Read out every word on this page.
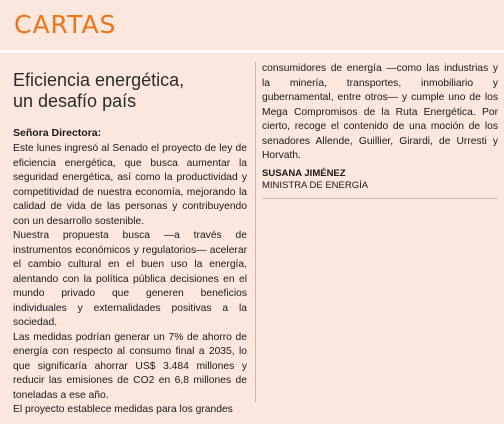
CARTAS
Eficiencia energética,
un desafío país
Señora Directora:

Este lunes ingresó al Senado el proyecto de ley de eficiencia energética, que busca aumentar la seguridad energética, así como la productividad y competitividad de nuestra economía, mejorando la calidad de vida de las personas y contribuyendo con un desarrollo sostenible.

Nuestra propuesta busca —a través de instrumentos económicos y regulatorios— acelerar el cambio cultural en el buen uso la energía, alentando con la política pública decisiones en el mundo privado que generen beneficios individuales y externalidades positivas a la sociedad.

Las medidas podrían generar un 7% de ahorro de energía con respecto al consumo final a 2035, lo que significaría ahorrar US$ 3.484 millones y reducir las emisiones de CO2 en 6,8 millones de toneladas a ese año.

El proyecto establece medidas para los grandes

consumidores de energía —como las industrias y la minería, transportes, inmobiliario y gubernamental, entre otros— y cumple uno de los Mega Compromisos de la Ruta Energética. Por cierto, recoge el contenido de una moción de los senadores Allende, Guillier, Girardi, de Urresti y Horvath.

SUSANA JIMÉNEZ
MINISTRA DE ENERGÍA
